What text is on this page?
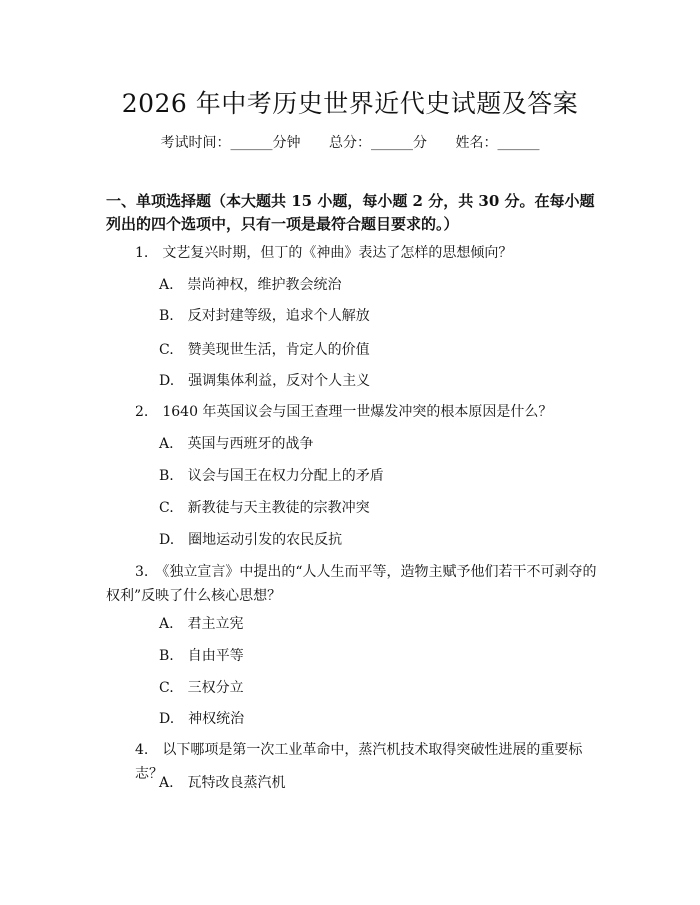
2026 年中考历史世界近代史试题及答案
考试时间：______分钟 总分：______分 姓名：______
一、单项选择题（本大题共 15 小题，每小题 2 分，共 30 分。在每小题列出的四个选项中，只有一项是最符合题目要求的。）
1.　文艺复兴时期，但丁的《神曲》表达了怎样的思想倾向？
A.　崇尚神权，维护教会统治
B.　反对封建等级，追求个人解放
C.　赞美现世生活，肯定人的价值
D.　强调集体利益，反对个人主义
2.　1640 年英国议会与国王查理一世爆发冲突的根本原因是什么？
A.　英国与西班牙的战争
B.　议会与国王在权力分配上的矛盾
C.　新教徒与天主教徒的宗教冲突
D.　圈地运动引发的农民反抗
3.　《独立宣言》中提出的“人人生而平等，造物主赋予他们若干不可剥夺的权利”反映了什么核心思想？
A.　君主立宪
B.　自由平等
C.　三权分立
D.　神权统治
4.　以下哪项是第一次工业革命中，蒸汽机技术取得突破性进展的重要标志？
A.　瓦特改良蒸汽机
